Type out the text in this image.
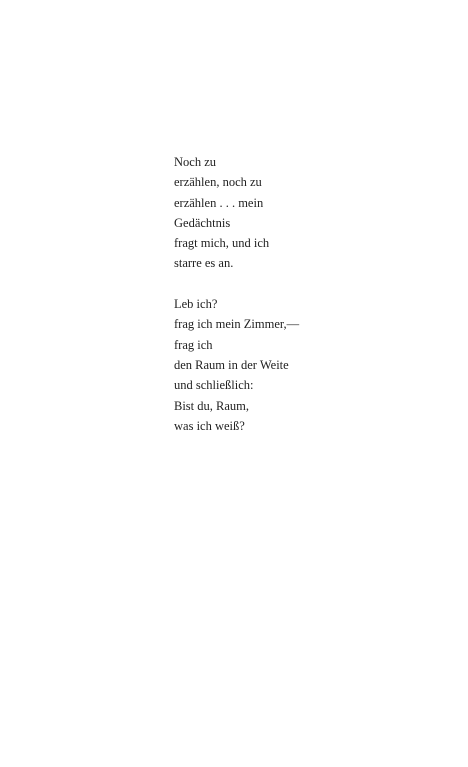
Noch zu
erzählen, noch zu
erzählen . . . mein
Gedächtnis
fragt mich, und ich
starre es an.
Leb ich?
frag ich mein Zimmer,—
frag ich
den Raum in der Weite
und schließlich:
Bist du, Raum,
was ich weiß?
